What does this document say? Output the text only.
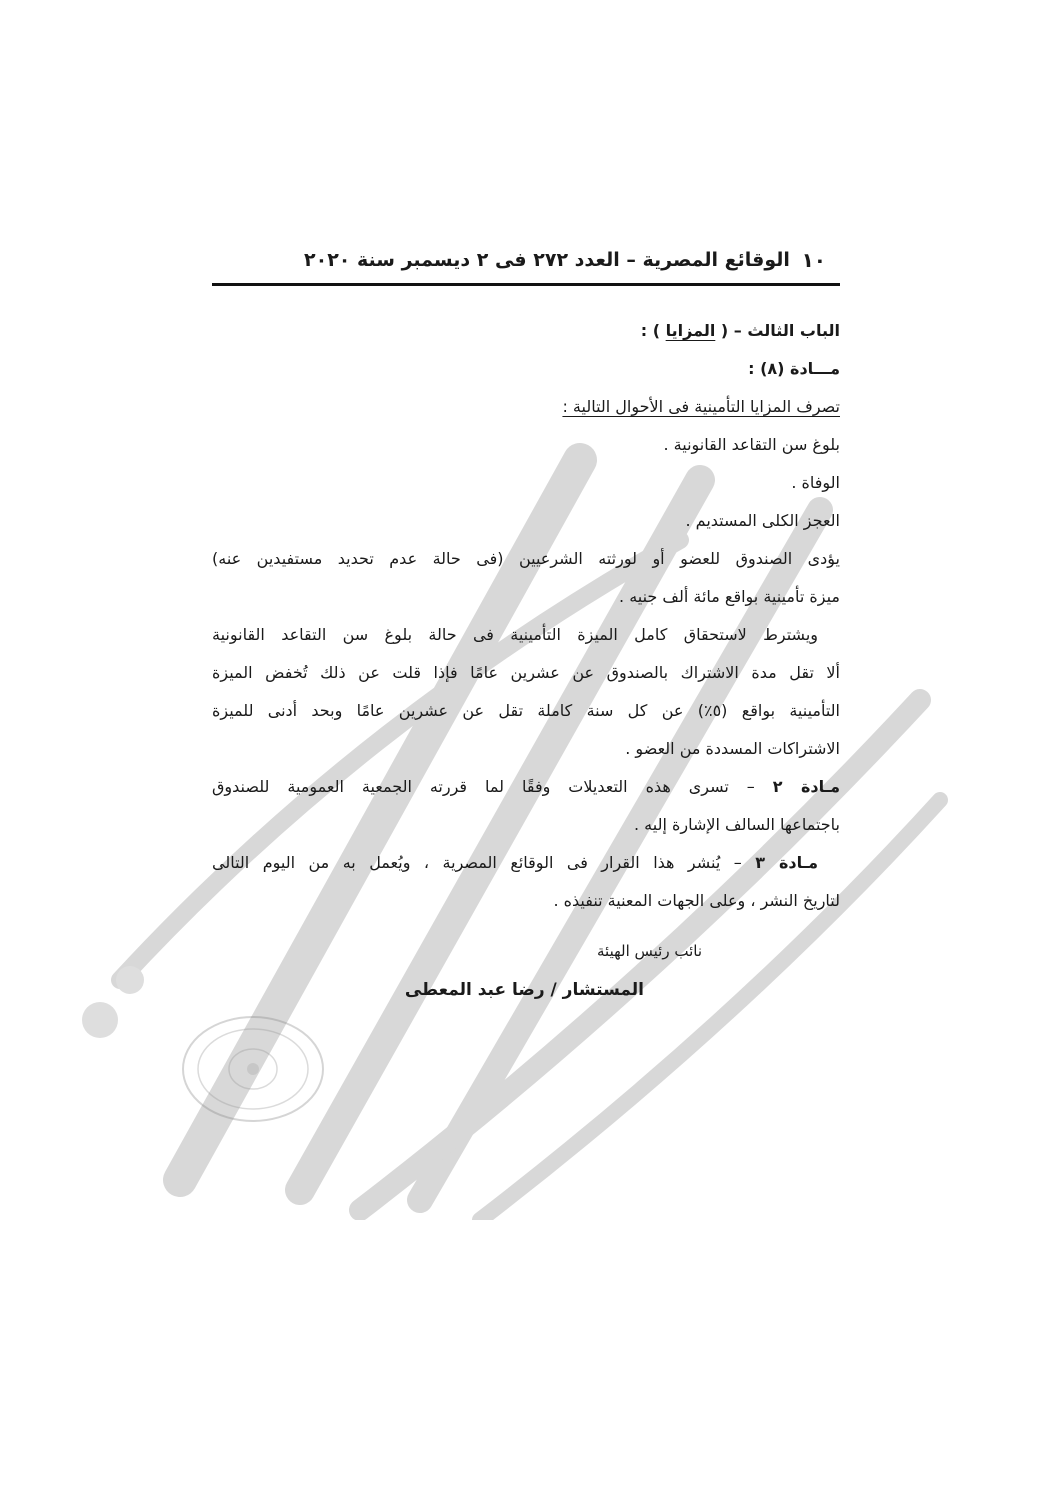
١٠
الوقائع المصرية – العدد ٢٧٢ فى ٢ ديسمبر سنة ٢٠٢٠
الباب الثالث – ( المزايا ) :
مـــادة (٨) :
تصرف المزايا التأمينية فى الأحوال التالية :
بلوغ سن التقاعد القانونية .
الوفاة .
العجز الكلى المستديم .
يؤدى الصندوق للعضو أو لورثته الشرعيين (فى حالة عدم تحديد مستفيدين عنه)
ميزة تأمينية بواقع مائة ألف جنيه .
ويشترط لاستحقاق كامل الميزة التأمينية فى حالة بلوغ سن التقاعد القانونية
ألا تقل مدة الاشتراك بالصندوق عن عشرين عامًا فإذا قلت عن ذلك تُخفض الميزة
التأمينية بواقع (٥٪) عن كل سنة كاملة تقل عن عشرين عامًا وبحد أدنى للميزة
الاشتراكات المسددة من العضو .
مـادة ٢ – تسرى هذه التعديلات وفقًا لما قررته الجمعية العمومية للصندوق
باجتماعها السالف الإشارة إليه .
مـادة ٣ – يُنشر هذا القرار فى الوقائع المصرية ، ويُعمل به من اليوم التالى
لتاريخ النشر ، وعلى الجهات المعنية تنفيذه .
نائب رئيس الهيئة
المستشار / رضا عبد المعطى
